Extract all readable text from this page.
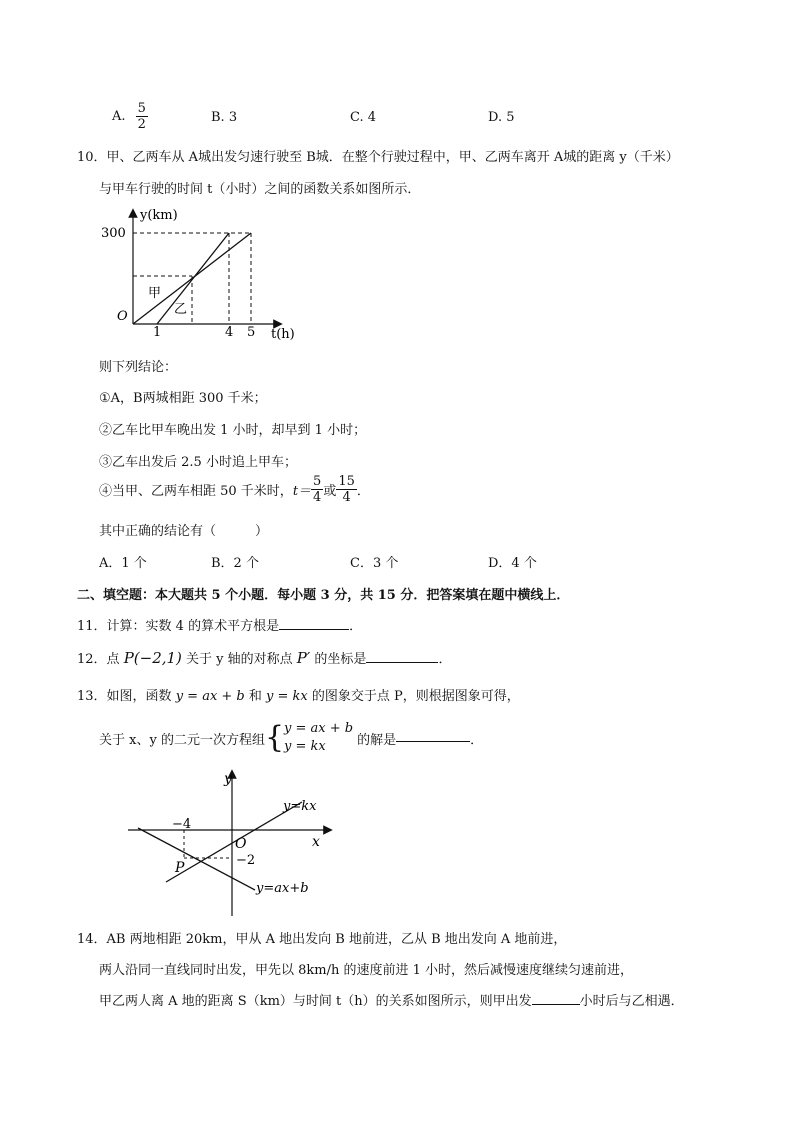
A. $\frac{5}{2}$	B. 3	C. 4	D. 5
10．甲、乙两车从 A城出发匀速行驶至 B城．在整个行驶过程中，甲、乙两车离开 A城的距离 y（千米）
与甲车行驶的时间 t（小时）之间的函数关系如图所示．
y(km)
t(h)
O
300
1	4 5
甲
乙
则下列结论：
①A，B两城相距 300 千米；
②乙车比甲车晚出发 1 小时，却早到 1 小时；
③乙车出发后 2.5 小时追上甲车；
④当甲、乙两车相距 50 千米时， $t= \frac{5}{4}$ 或 $\frac{15}{4}$ ．
其中正确的结论有（　　　）
A．1 个	B．2 个	C．3 个	D．4 个
二、填空题：本大题共 5 个小题．每小题 3 分，共 15 分．把答案填在题中横线上．
11．计算：实数 4 的算术平方根是	．
12．点 P(−2,1) 关于 y 轴的对称点 P′ 的坐标是	．
13．如图，函数 y = ax + b 和 y = kx 的图象交于点 P，则根据图象可得，
关于 x、y 的二元一次方程组 { y = ax + b
y = kx	的解是	．
y
x
O
−4
−2
P
y=kx
y=ax+b
14．AB 两地相距 20km，甲从 A 地出发向 B 地前进，乙从 B 地出发向 A 地前进，
两人沿同一直线同时出发，甲先以 8km/h 的速度前进 1 小时，然后减慢速度继续匀速前进，
甲乙两人离 A 地的距离 S（km）与时间 t（h）的关系如图所示，则甲出发	小时后与乙相遇．
